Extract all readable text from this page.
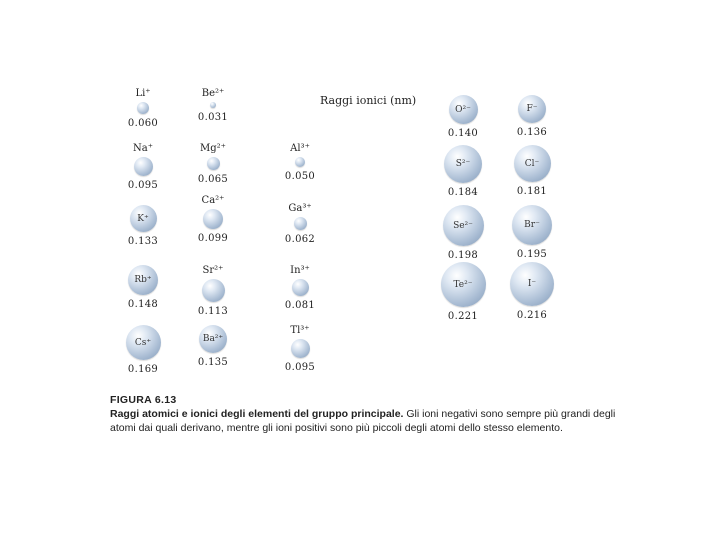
Raggi ionici (nm)
Li⁺
0.060
Be²⁺
0.031
Na⁺
0.095
Mg²⁺
0.065
Al³⁺
0.050
K⁺
0.133
Ca²⁺
0.099
Ga³⁺
0.062
Rb⁺
0.148
Sr²⁺
0.113
In³⁺
0.081
Cs⁺
0.169
Ba²⁺
0.135
Tl³⁺
0.095
O²⁻
0.140
F⁻
0.136
S²⁻
0.184
Cl⁻
0.181
Se²⁻
0.198
Br⁻
0.195
Te²⁻
0.221
I⁻
0.216
FIGURA 6.13
Raggi atomici e ionici degli elementi del gruppo principale. Gli ioni negativi sono sempre più grandi degli atomi dai quali derivano, mentre gli ioni positivi sono più piccoli degli atomi dello stesso elemento.
